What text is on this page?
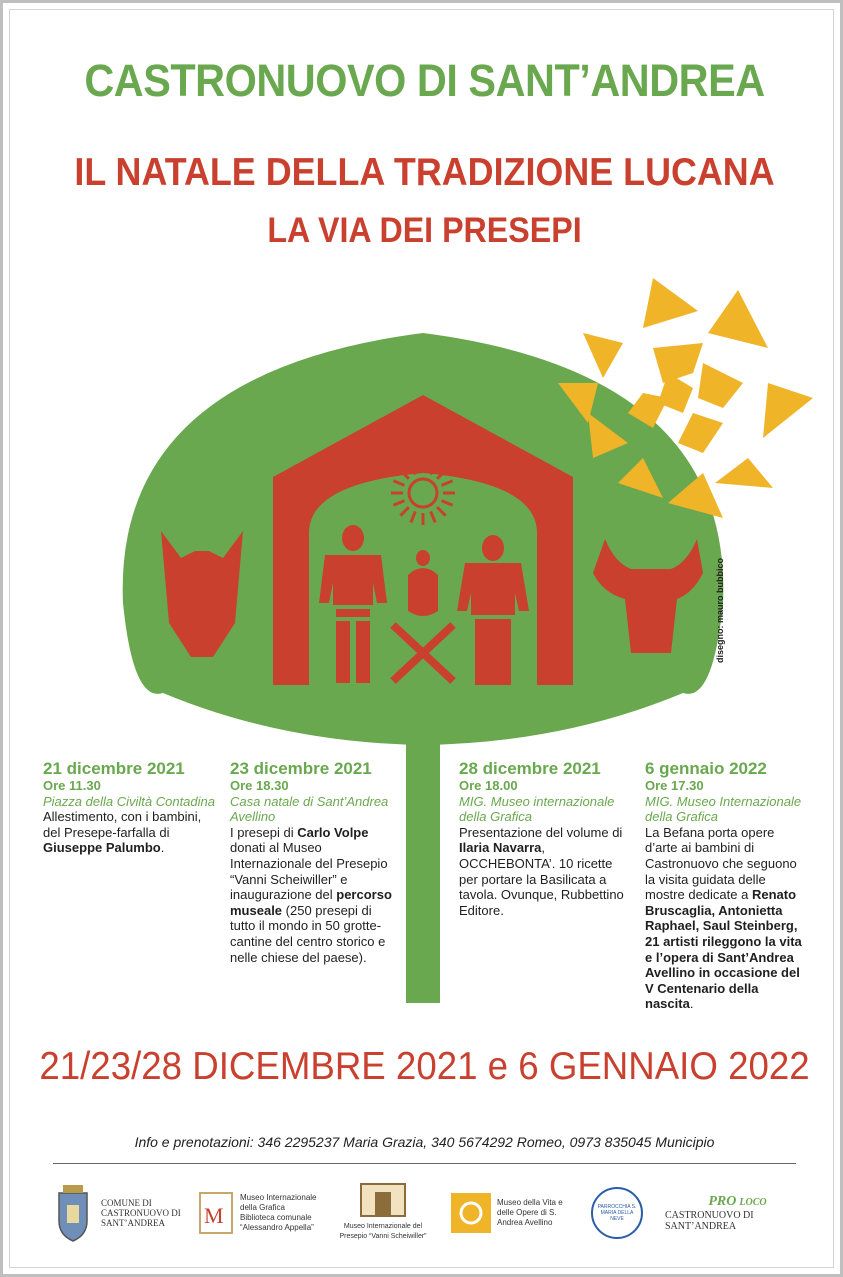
CASTRONUOVO DI SANT’ANDREA
IL NATALE DELLA TRADIZIONE LUCANA
LA VIA DEI PRESEPI
disegno: mauro bubbico
21 dicembre 2021
Ore 11.30
Piazza della Civiltà Contadina
Allestimento, con i bambini, del Presepe-farfalla di Giuseppe Palumbo.
23 dicembre 2021
Ore 18.30
Casa natale di Sant’Andrea Avellino
I presepi di Carlo Volpe donati al Museo Internazionale del Presepio “Vanni Scheiwiller” e inaugurazione del percorso museale (250 presepi di tutto il mondo in 50 grotte-cantine del centro storico e nelle chiese del paese).
28 dicembre 2021
Ore 18.00
MIG. Museo internazionale della Grafica
Presentazione del volume di Ilaria Navarra, OCCHEBONTA’. 10 ricette per portare la Basilicata a tavola. Ovunque, Rubbettino Editore.
6 gennaio 2022
Ore 17.30
MIG. Museo Internazionale della Grafica
La Befana porta opere d’arte ai bambini di Castronuovo che seguono la visita guidata delle mostre dedicate a Renato Bruscaglia, Antonietta Raphael, Saul Steinberg, 21 artisti rileggono la vita e l’opera di Sant’Andrea Avellino in occasione del V Centenario della nascita.
21/23/28 DICEMBRE 2021 e 6 GENNAIO 2022
Info e prenotazioni: 346 2295237 Maria Grazia, 340 5674292 Romeo, 0973 835045 Municipio
COMUNE DI CASTRONUOVO DI SANT’ANDREA	M
Museo Internazionale della Grafica Biblioteca comunale “Alessandro Appella”	Museo Internazionale del Presepio “Vanni Scheiwiller”
Museo della Vita e delle Opere di S. Andrea Avellino
PARROCCHIA S. MARIA DELLA NEVE
PRO LOCO
CASTRONUOVO DI SANT’ANDREA
